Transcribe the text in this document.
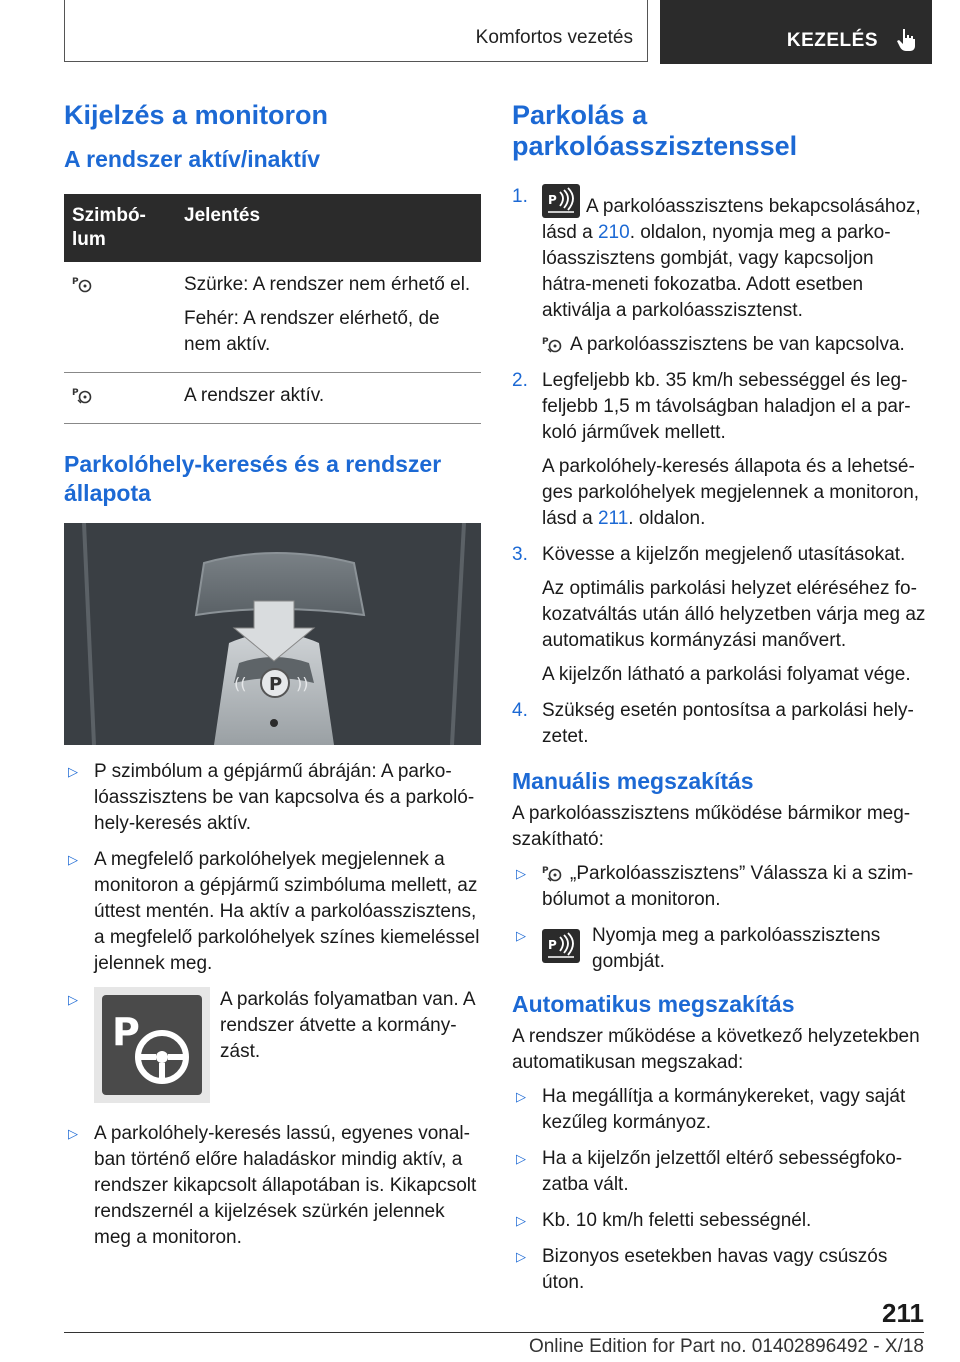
Komfortos vezetés	KEZELÉS
Kijelzés a monitoron
A rendszer aktív/inaktív
Szimbó-lum	Jelentés

P	Szürke: A rendszer nem érhető el.

Fehér: A rendszer elérhető, de nem aktív.

P	A rendszer aktív.

Parkolóhely-keresés és a rendszer állapota
P
((	))
▷ P szimbólum a gépjármű ábráján: A parko-lóasszisztens be van kapcsolva és a parkoló-hely-keresés aktív.
▷ A megfelelő parkolóhelyek megjelennek a monitoron a gépjármű szimbóluma mellett, az úttest mentén. Ha aktív a parkolóasszisztens, a megfelelő parkolóhelyek színes kiemeléssel jelennek meg.
▷
P
A parkolás folyamatban van. A rendszer átvette a kormány-zást.
▷ A parkolóhely-keresés lassú, egyenes vonal-ban történő előre haladáskor mindig aktív, a rendszer kikapcsolt állapotában is. Kikapcsolt rendszernél a kijelzések szürkén jelennek meg a monitoron.
Parkolás a parkolóasszisztenssel
1. P A parkolóasszisztens bekapcsolásához, lásd a 210. oldalon, nyomja meg a parko-lóasszisztens gombját, vagy kapcsoljon hátra-meneti fokozatba. Adott esetben aktiválja a parkolóasszisztenst.

P A parkolóasszisztens be van kapcsolva.

2. Legfeljebb kb. 35 km/h sebességgel és leg-feljebb 1,5 m távolságban haladjon el a par-koló járművek mellett.

A parkolóhely-keresés állapota és a lehetsé-ges parkolóhelyek megjelennek a monitoron, lásd a 211. oldalon.

3. Kövesse a kijelzőn megjelenő utasításokat.

Az optimális parkolási helyzet eléréséhez fo-kozatváltás után álló helyzetben várja meg az automatikus kormányzási manővert.

A kijelzőn látható a parkolási folyamat vége.

4. Szükség esetén pontosítsa a parkolási hely-zetet.

Manuális megszakítás

A parkolóasszisztens működése bármikor meg-szakítható:

▷ P „Parkolóasszisztens” Válassza ki a szim-bólumot a monitoron.
▷
P Nyomja meg a parkolóasszisztens gombját.
Automatikus megszakítás

A rendszer működése a következő helyzetekben automatikusan megszakad:

▷ Ha megállítja a kormánykereket, vagy saját kezűleg kormányoz.
▷ Ha a kijelzőn jelzettől eltérő sebességfoko-zatba vált.
▷ Kb. 10 km/h feletti sebességnél.
▷ Bizonyos esetekben havas vagy csúszós úton.
211
Online Edition for Part no. 01402896492 - X/18
